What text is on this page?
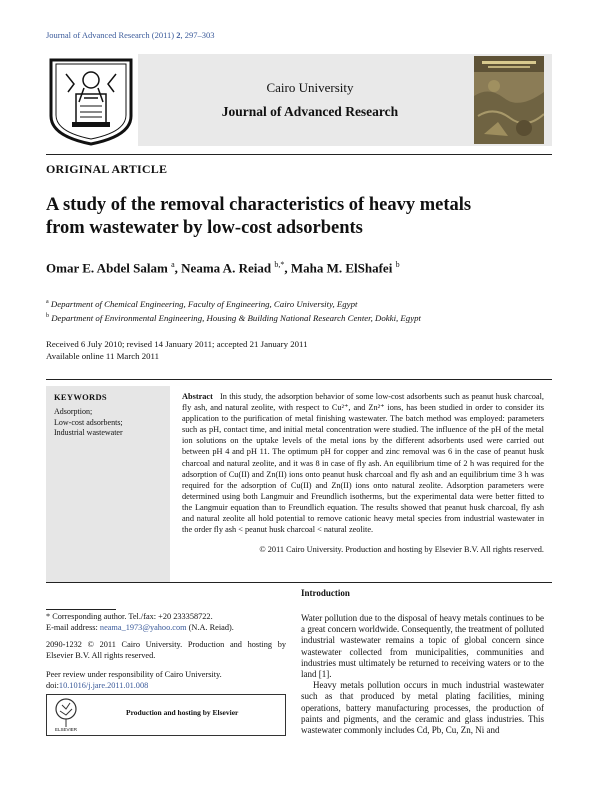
Journal of Advanced Research (2011) 2, 297–303
Cairo University
Journal of Advanced Research
ORIGINAL ARTICLE
A study of the removal characteristics of heavy metals
from wastewater by low-cost adsorbents
Omar E. Abdel Salam $^a$, Neama A. Reiad $^{b,*}$, Maha M. ElShafei $^b$
$^a$ Department of Chemical Engineering, Faculty of Engineering, Cairo University, Egypt
$^b$ Department of Environmental Engineering, Housing & Building National Research Center, Dokki, Egypt
Received 6 July 2010; revised 14 January 2011; accepted 21 January 2011
Available online 11 March 2011
KEYWORDS
Adsorption;
Low-cost adsorbents;
Industrial wastewater
Abstract In this study, the adsorption behavior of some low-cost adsorbents such as peanut husk charcoal, fly ash, and natural zeolite, with respect to Cu²⁺, and Zn²⁺ ions, has been studied in order to consider its application to the purification of metal finishing wastewater. The batch method was employed: parameters such as pH, contact time, and initial metal concentration were studied. The influence of the pH of the metal ion solutions on the uptake levels of the metal ions by the different adsorbents used were carried out between pH 4 and pH 11. The optimum pH for copper and zinc removal was 6 in the case of peanut husk charcoal and natural zeolite, and it was 8 in case of fly ash. An equilibrium time of 2 h was required for the adsorption of Cu(II) and Zn(II) ions onto peanut husk charcoal and fly ash and an equilibrium time 3 h was required for the adsorption of Cu(II) and Zn(II) ions onto natural zeolite. Adsorption parameters were determined using both Langmuir and Freundlich isotherms, but the experimental data were better fitted to the Langmuir equation than to Freundlich equation. The results showed that peanut husk charcoal, fly ash and natural zeolite all hold potential to remove cationic heavy metal species from industrial wastewater in the order fly ash < peanut husk charcoal < natural zeolite.
© 2011 Cairo University. Production and hosting by Elsevier B.V. All rights reserved.
* Corresponding author. Tel./fax: +20 233358722.
E-mail address: neama_1973@yahoo.com (N.A. Reiad).
2090-1232 © 2011 Cairo University. Production and hosting by Elsevier B.V. All rights reserved.
Peer review under responsibility of Cairo University.
doi:10.1016/j.jare.2011.01.008
ELSEVIER
Production and hosting by Elsevier
Introduction

Water pollution due to the disposal of heavy metals continues to be a great concern worldwide. Consequently, the treatment of polluted industrial wastewater remains a topic of global concern since wastewater collected from municipalities, communities and industries must ultimately be returned to receiving waters or to the land [1].

Heavy metals pollution occurs in much industrial wastewater such as that produced by metal plating facilities, mining operations, battery manufacturing processes, the production of paints and pigments, and the ceramic and glass industries. This wastewater commonly includes Cd, Pb, Cu, Zn, Ni and
